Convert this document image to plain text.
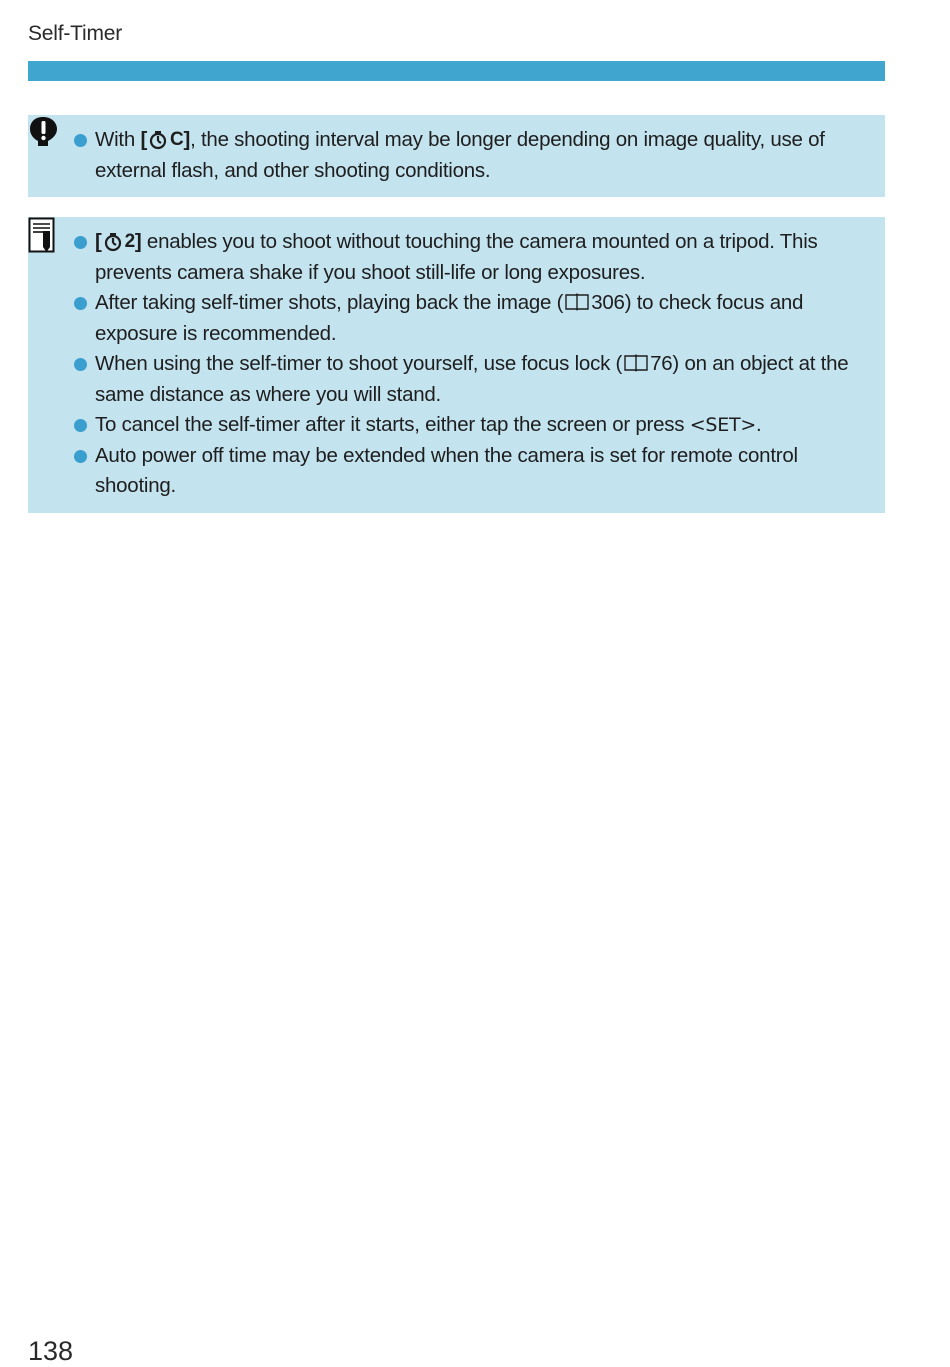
Self-Timer
With [ C ] , the shooting interval may be longer depending on image quality, use of external flash, and other shooting conditions.
[ 2 ] enables you to shoot without touching the camera mounted on a tripod. This prevents camera shake if you shoot still-life or long exposures.
After taking self-timer shots, playing back the image ( 306) to check focus and exposure is recommended.
When using the self-timer to shoot yourself, use focus lock ( 76) on an object at the same distance as where you will stand.
To cancel the self-timer after it starts, either tap the screen or press <SET>.
Auto power off time may be extended when the camera is set for remote control shooting.
138
